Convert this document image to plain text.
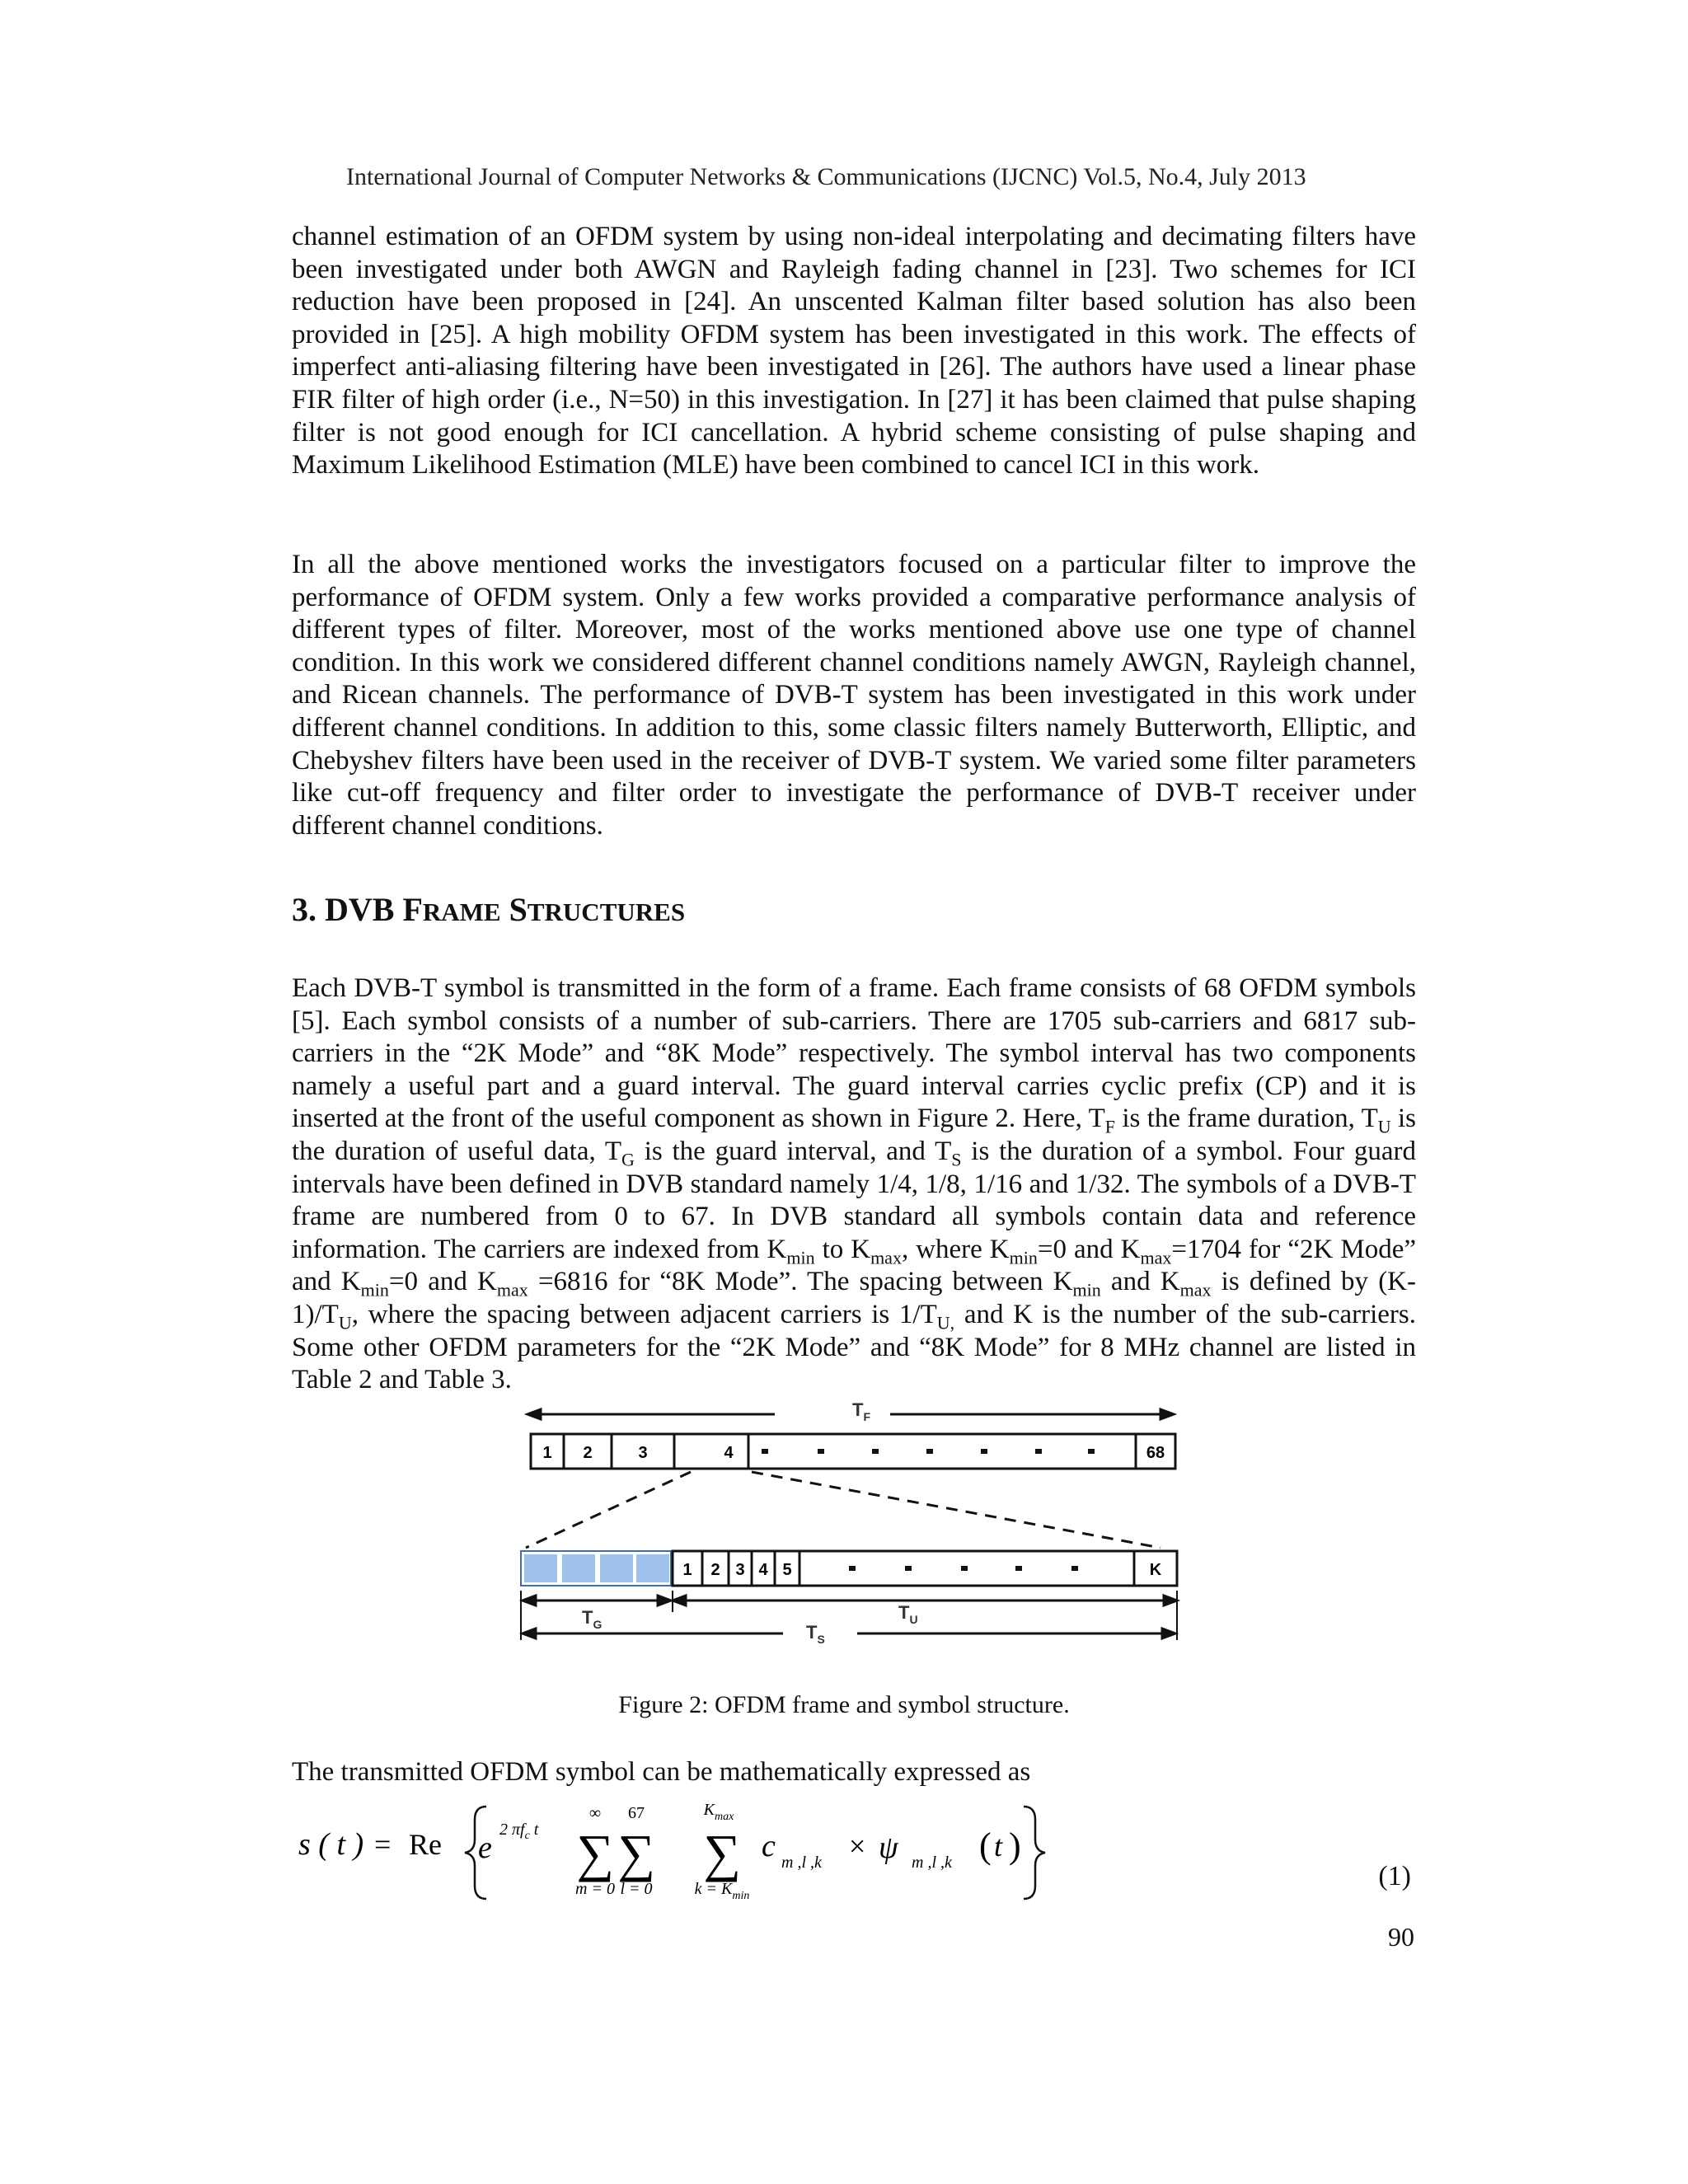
International Journal of Computer Networks & Communications (IJCNC) Vol.5, No.4, July 2013

channel estimation of an OFDM system by using non-ideal interpolating and decimating filters have been investigated under both AWGN and Rayleigh fading channel in [23]. Two schemes for ICI reduction have been proposed in [24]. An unscented Kalman filter based solution has also been provided in [25]. A high mobility OFDM system has been investigated in this work. The effects of imperfect anti-aliasing filtering have been investigated in [26]. The authors have used a linear phase FIR filter of high order (i.e., N=50) in this investigation. In [27] it has been claimed that pulse shaping filter is not good enough for ICI cancellation. A hybrid scheme consisting of pulse shaping and Maximum Likelihood Estimation (MLE) have been combined to cancel ICI in this work.

In all the above mentioned works the investigators focused on a particular filter to improve the performance of OFDM system. Only a few works provided a comparative performance analysis of different types of filter. Moreover, most of the works mentioned above use one type of channel condition. In this work we considered different channel conditions namely AWGN, Rayleigh channel, and Ricean channels. The performance of DVB-T system has been investigated in this work under different channel conditions. In addition to this, some classic filters namely Butterworth, Elliptic, and Chebyshev filters have been used in the receiver of DVB-T system. We varied some filter parameters like cut-off frequency and filter order to investigate the performance of DVB-T receiver under different channel conditions.

3. DVB FRAME STRUCTURES

Each DVB-T symbol is transmitted in the form of a frame. Each frame consists of 68 OFDM symbols [5]. Each symbol consists of a number of sub-carriers. There are 1705 sub-carriers and 6817 sub-carriers in the “2K Mode” and “8K Mode” respectively. The symbol interval has two components namely a useful part and a guard interval. The guard interval carries cyclic prefix (CP) and it is inserted at the front of the useful component as shown in Figure 2. Here, $T_F$ is the frame duration, $T_U$ is the duration of useful data, $T_G$ is the guard interval, and $T_S$ is the duration of a symbol. Four guard intervals have been defined in DVB standard namely 1/4, 1/8, 1/16 and 1/32. The symbols of a DVB-T frame are numbered from 0 to 67. In DVB standard all symbols contain data and reference information. The carriers are indexed from $K_{min}$ to $K_{max}$, where $K_{min}=0$ and $K_{max}=1704$ for “2K Mode” and $K_{min}=0$ and $K_{max} =6816$ for “8K Mode”. The spacing between $K_{min}$ and $K_{max}$ is defined by $(K-1)/T_U$, where the spacing between adjacent carriers is $1/T_{U,}$ and K is the number of the sub-carriers. Some other OFDM parameters for the “2K Mode” and “8K Mode” for 8 MHz channel are listed in Table 2 and Table 3.

$T_F$
1 2	3	4	68
1 2 3 4 5	K
$T_G$
$T_U$
$T_S$
Figure 2: OFDM frame and symbol structure.
The transmitted OFDM symbol can be mathematically expressed as
s ( t ) = Re e
2 $\pi f_c$ t
∞
∑
m = 0
67
∑
l = 0
$K_{max}$
∑
$k = K_{min}$
c m ,l ,k × ψ m ,l ,k ( t )
(1)
90
